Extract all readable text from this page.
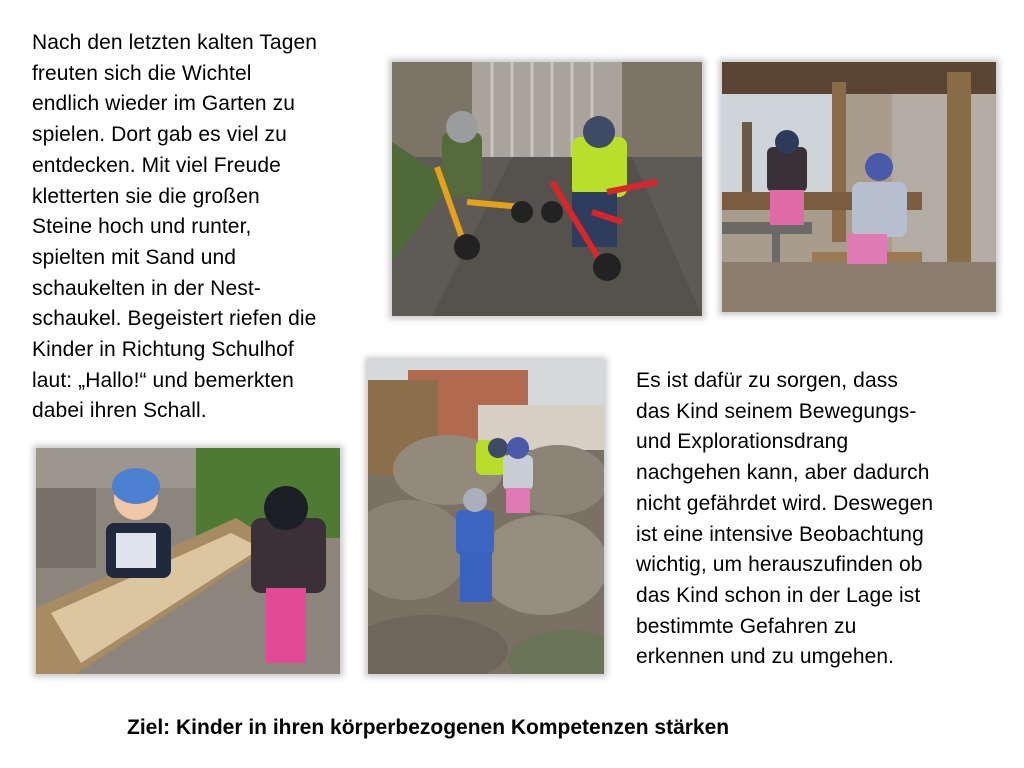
Nach den letzten kalten Tagen
freuten sich die Wichtel
endlich wieder im Garten zu
spielen. Dort gab es viel zu
entdecken. Mit viel Freude
kletterten sie die großen
Steine hoch und runter,
spielten mit Sand und
schaukelten in der Nest-
schaukel. Begeistert riefen die
Kinder in Richtung Schulhof
laut: „Hallo!“ und bemerkten
dabei ihren Schall.
Es ist dafür zu sorgen, dass
das Kind seinem Bewegungs-
und Explorationsdrang
nachgehen kann, aber dadurch
nicht gefährdet wird. Deswegen
ist eine intensive Beobachtung
wichtig, um herauszufinden ob
das Kind schon in der Lage ist
bestimmte Gefahren zu
erkennen und zu umgehen.
Ziel: Kinder in ihren körperbezogenen Kompetenzen stärken
